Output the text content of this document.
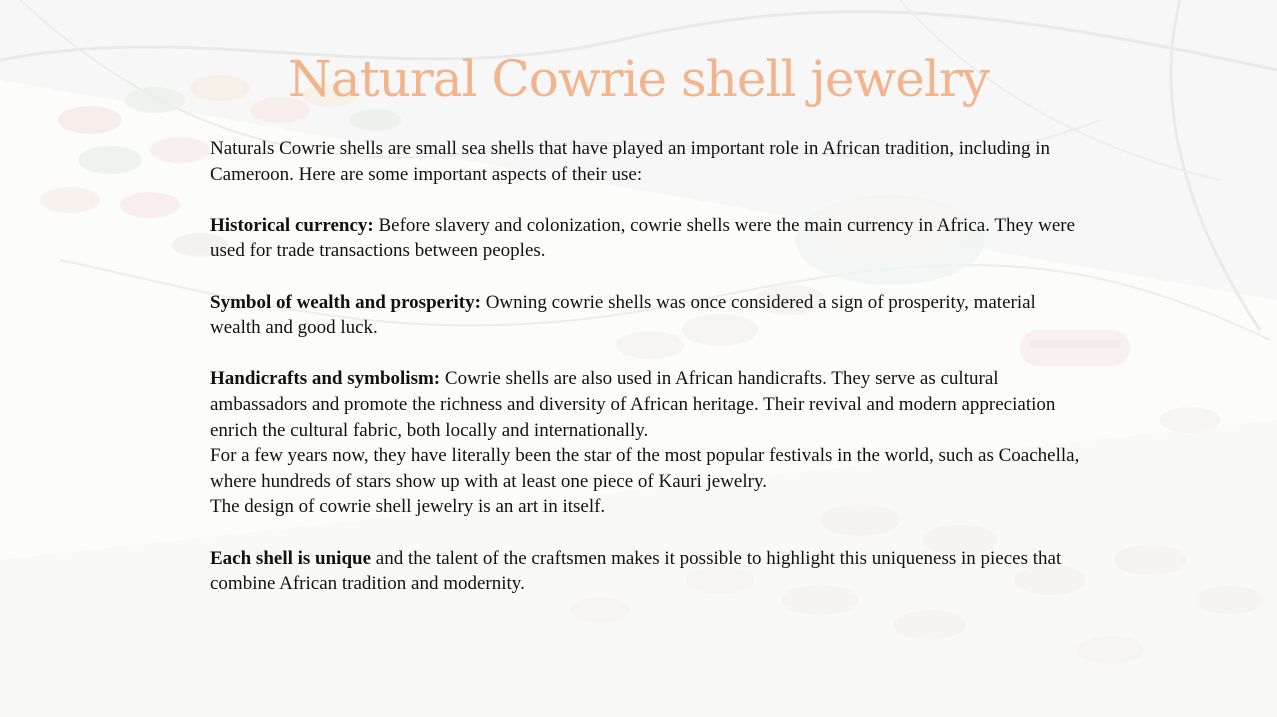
Natural Cowrie shell jewelry

Naturals Cowrie shells are small sea shells that have played an important role in African tradition, including in Cameroon. Here are some important aspects of their use:

Historical currency: Before slavery and colonization, cowrie shells were the main currency in Africa. They were used for trade transactions between peoples.

Symbol of wealth and prosperity: Owning cowrie shells was once considered a sign of prosperity, material wealth and good luck.

Handicrafts and symbolism: Cowrie shells are also used in African handicrafts. They serve as cultural ambassadors and promote the richness and diversity of African heritage. Their revival and modern appreciation enrich the cultural fabric, both locally and internationally.

For a few years now, they have literally been the star of the most popular festivals in the world, such as Coachella, where hundreds of stars show up with at least one piece of Kauri jewelry.

The design of cowrie shell jewelry is an art in itself.

Each shell is unique and the talent of the craftsmen makes it possible to highlight this uniqueness in pieces that combine African tradition and modernity.
